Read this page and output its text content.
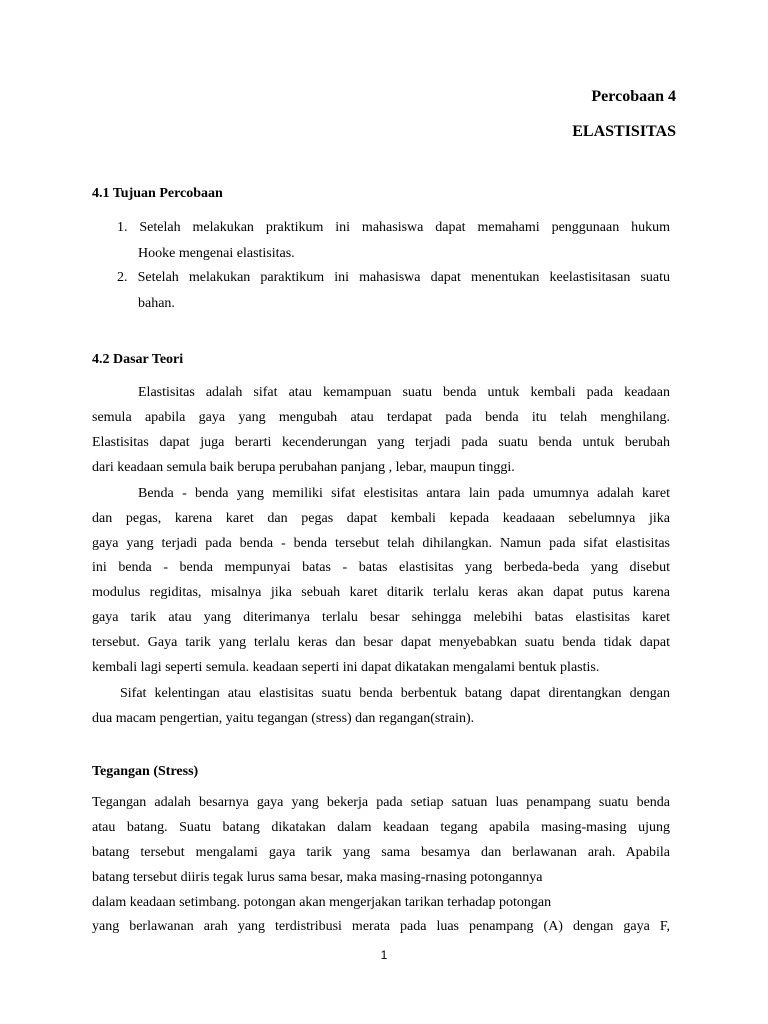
Percobaan 4
ELASTISITAS
4.1 Tujuan Percobaan
1. Setelah melakukan praktikum ini mahasiswa dapat memahami penggunaan hukum
Hooke mengenai elastisitas.
2. Setelah melakukan paraktikum ini mahasiswa dapat menentukan keelastisitasan suatu
bahan.
4.2 Dasar Teori
Elastisitas adalah sifat atau kemampuan suatu benda untuk kembali pada keadaan
semula apabila gaya yang mengubah atau terdapat pada benda itu telah menghilang.
Elastisitas dapat juga berarti kecenderungan yang terjadi pada suatu benda untuk berubah
dari keadaan semula baik berupa perubahan panjang , lebar, maupun tinggi.
Benda - benda yang memiliki sifat elestisitas antara lain pada umumnya adalah karet
dan pegas, karena karet dan pegas dapat kembali kepada keadaaan sebelumnya jika
gaya yang terjadi pada benda - benda tersebut telah dihilangkan. Namun pada sifat elastisitas
ini benda - benda mempunyai batas - batas elastisitas yang berbeda-beda yang disebut
modulus regiditas, misalnya jika sebuah karet ditarik terlalu keras akan dapat putus karena
gaya tarik atau yang diterimanya terlalu besar sehingga melebihi batas elastisitas karet
tersebut. Gaya tarik yang terlalu keras dan besar dapat menyebabkan suatu benda tidak dapat
kembali lagi seperti semula. keadaan seperti ini dapat dikatakan mengalami bentuk plastis.
Sifat kelentingan atau elastisitas suatu benda berbentuk batang dapat direntangkan dengan
dua macam pengertian, yaitu tegangan (stress) dan regangan(strain).
Tegangan (Stress)
Tegangan adalah besarnya gaya yang bekerja pada setiap satuan luas penampang suatu benda
atau batang. Suatu batang dikatakan dalam keadaan tegang apabila masing-masing ujung
batang tersebut mengalami gaya tarik yang sama besamya dan berlawanan arah. Apabila
batang tersebut diiris tegak lurus sama besar, maka masing-rnasing potongannya
dalam keadaan setimbang. potongan akan mengerjakan tarikan terhadap potongan
yang berlawanan arah yang terdistribusi merata pada luas penampang (A) dengan gaya F,
1
